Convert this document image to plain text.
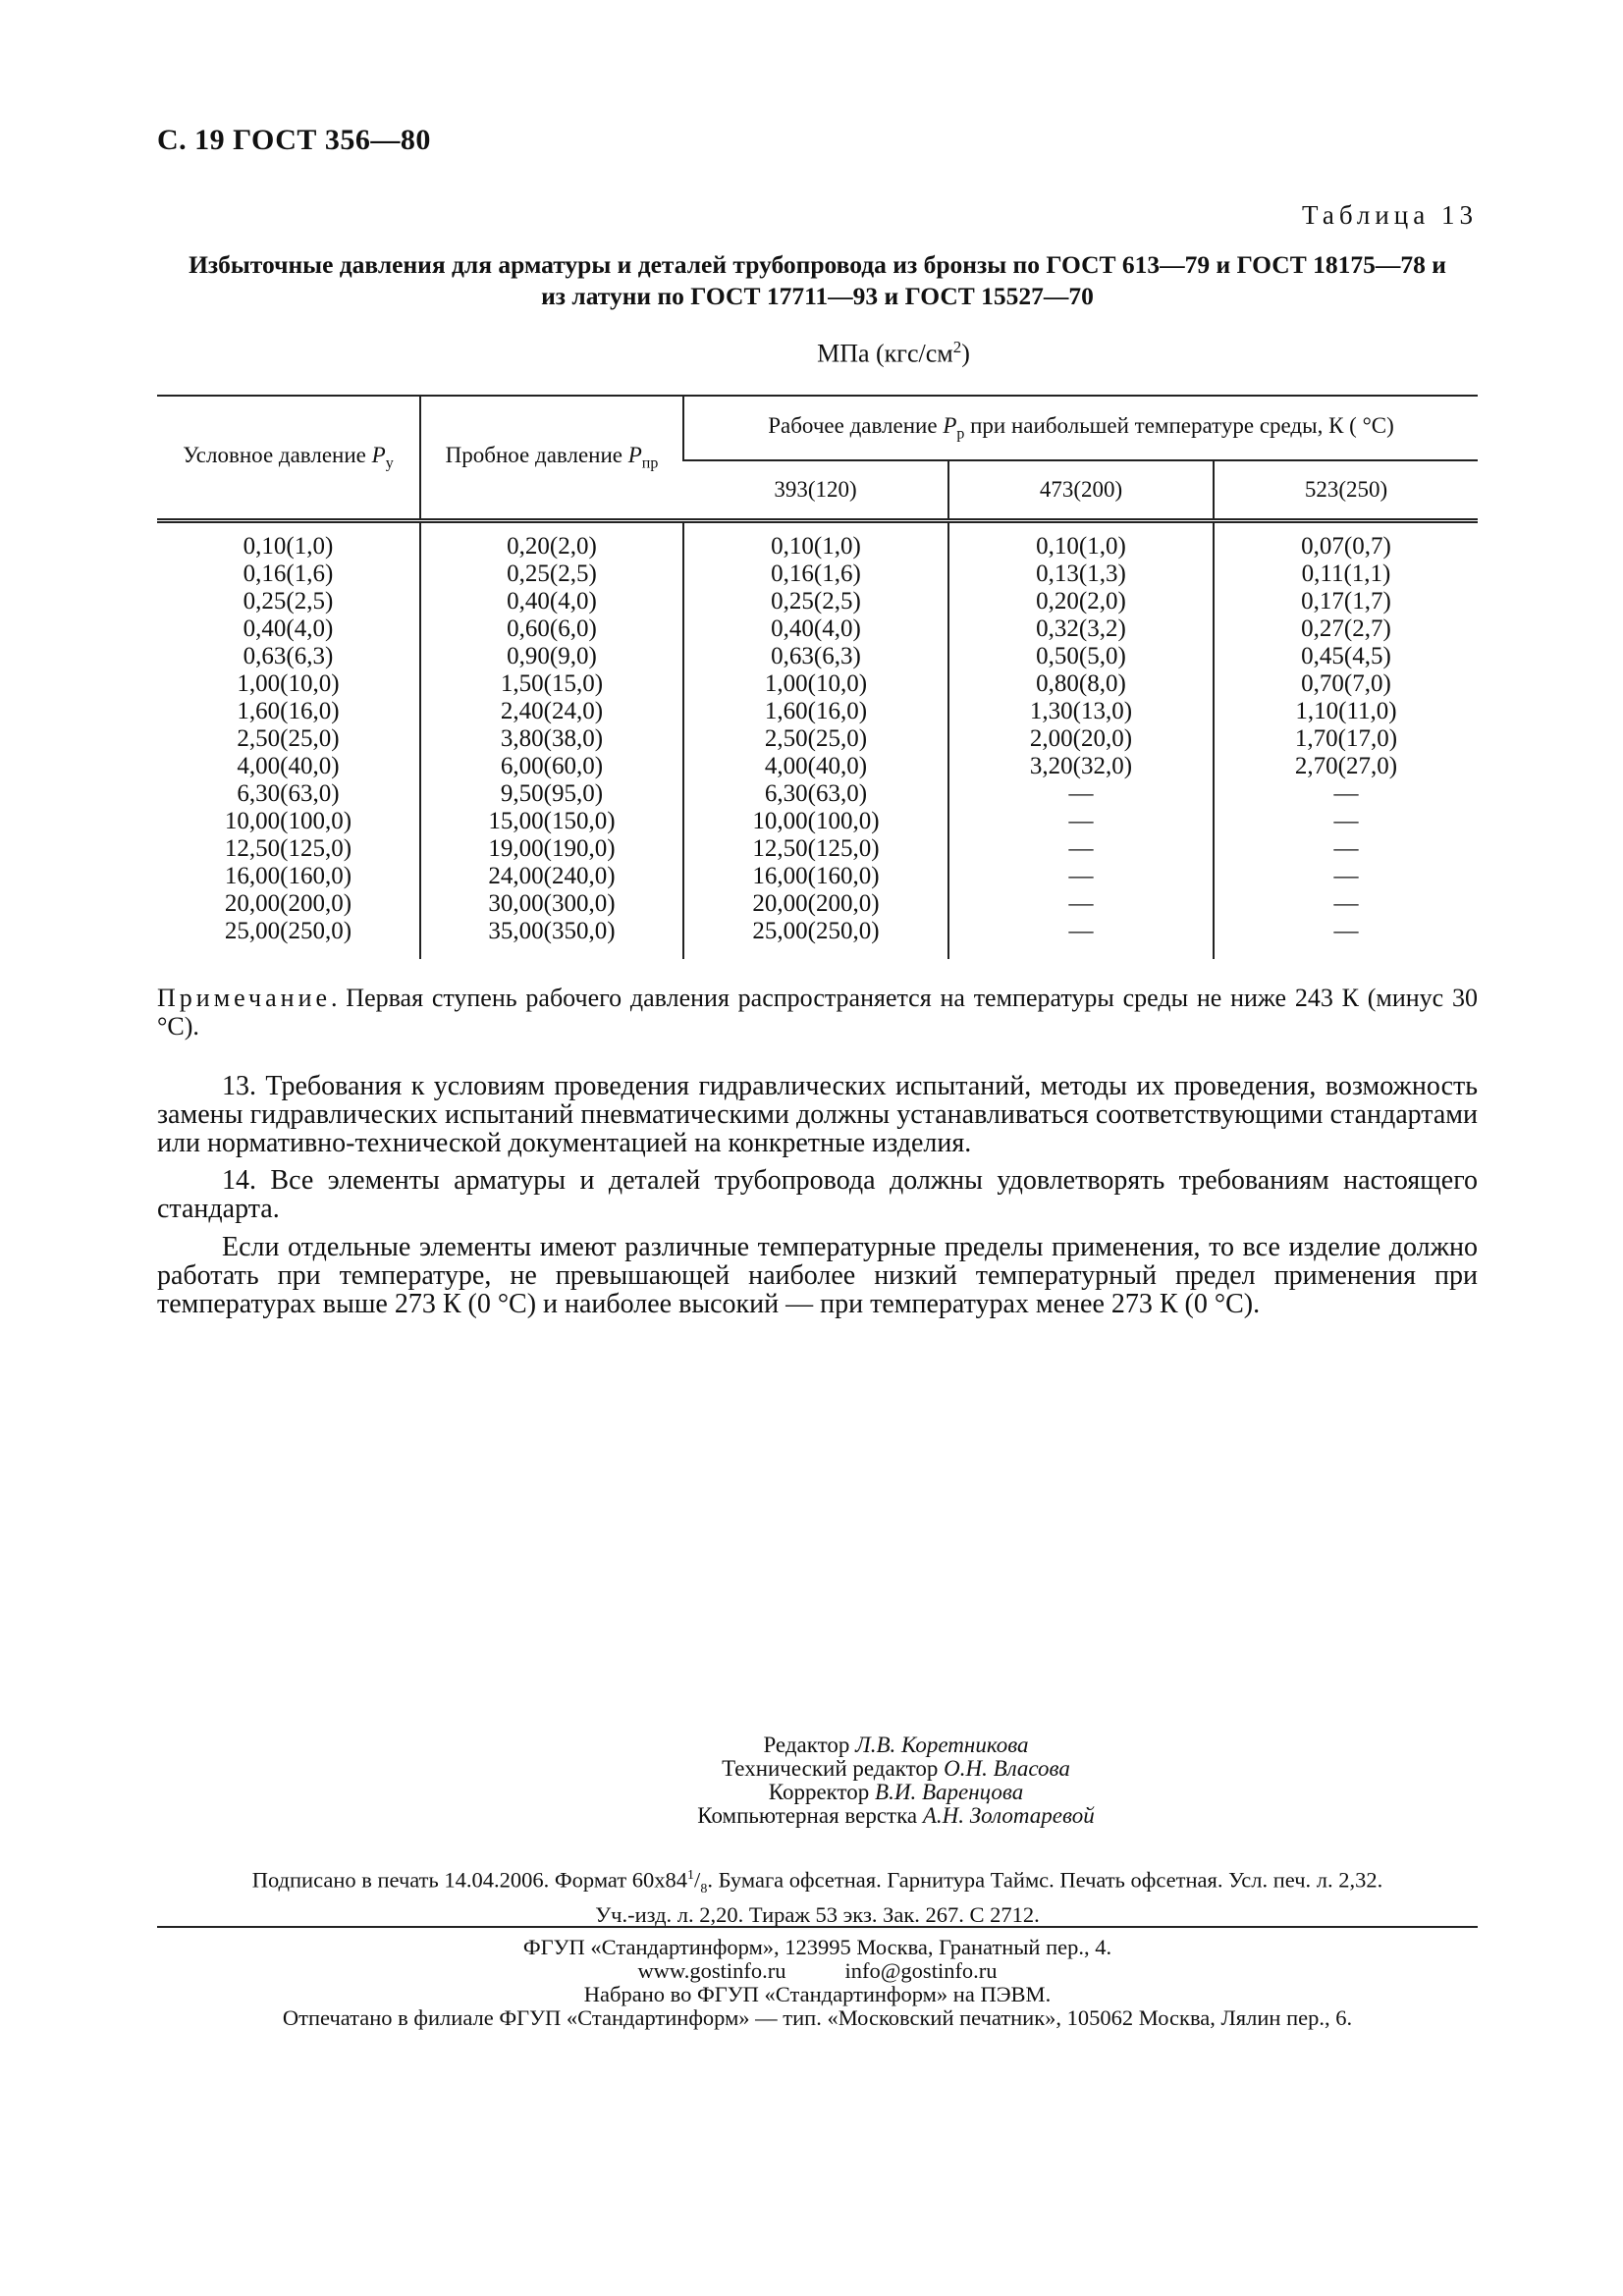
С. 19 ГОСТ 356—80
Таблица 13
Избыточные давления для арматуры и деталей трубопровода из бронзы по ГОСТ 613—79 и ГОСТ 18175—78 и
из латуни по ГОСТ 17711—93 и ГОСТ 15527—70
МПа $(кгс/см^2)$
Условное давление $P_у$	Пробное давление $P_{пр}$	Рабочее давление $P_р$ при наибольшей температуре среды, К ( °С)		
		393(120)	473(200)	523(250)
0,10(1,0)	0,20(2,0)	0,10(1,0)	0,10(1,0)	0,07(0,7)
0,16(1,6)	0,25(2,5)	0,16(1,6)	0,13(1,3)	0,11(1,1)
0,25(2,5)	0,40(4,0)	0,25(2,5)	0,20(2,0)	0,17(1,7)
0,40(4,0)	0,60(6,0)	0,40(4,0)	0,32(3,2)	0,27(2,7)
0,63(6,3)	0,90(9,0)	0,63(6,3)	0,50(5,0)	0,45(4,5)
1,00(10,0)	1,50(15,0)	1,00(10,0)	0,80(8,0)	0,70(7,0)
1,60(16,0)	2,40(24,0)	1,60(16,0)	1,30(13,0)	1,10(11,0)
2,50(25,0)	3,80(38,0)	2,50(25,0)	2,00(20,0)	1,70(17,0)
4,00(40,0)	6,00(60,0)	4,00(40,0)	3,20(32,0)	2,70(27,0)
6,30(63,0)	9,50(95,0)	6,30(63,0)	—	—
10,00(100,0)	15,00(150,0)	10,00(100,0)	—	—
12,50(125,0)	19,00(190,0)	12,50(125,0)	—	—
16,00(160,0)	24,00(240,0)	16,00(160,0)	—	—
20,00(200,0)	30,00(300,0)	20,00(200,0)	—	—
25,00(250,0)	35,00(350,0)	25,00(250,0)	—	—
Примечание. Первая ступень рабочего давления распространяется на температуры среды не ниже 243 К (минус 30 °С).
13. Требования к условиям проведения гидравлических испытаний, методы их проведения, возможность замены гидравлических испытаний пневматическими должны устанавливаться соответствующими стандартами или нормативно-технической документацией на конкретные изделия.
14. Все элементы арматуры и деталей трубопровода должны удовлетворять требованиям настоящего стандарта.
Если отдельные элементы имеют различные температурные пределы применения, то все изделие должно работать при температуре, не превышающей наиболее низкий температурный предел применения при температурах выше 273 К (0 °С) и наиболее высокий — при температурах менее 273 К (0 °С).
Редактор Л.В. Коретникова
Технический редактор О.Н. Власова
Корректор В.И. Варенцова
Компьютерная верстка А.Н. Золотаревой
Подписано в печать 14.04.2006. Формат $60х84^1/_8$. Бумага офсетная. Гарнитура Таймс. Печать офсетная. Усл. печ. л. 2,32.
Уч.-изд. л. 2,20. Тираж 53 экз. Зак. 267. С 2712.
ФГУП «Стандартинформ», 123995 Москва, Гранатный пер., 4.
www.gostinfo.ru	info@gostinfo.ru
Набрано во ФГУП «Стандартинформ» на ПЭВМ.
Отпечатано в филиале ФГУП «Стандартинформ» — тип. «Московский печатник», 105062 Москва, Лялин пер., 6.
